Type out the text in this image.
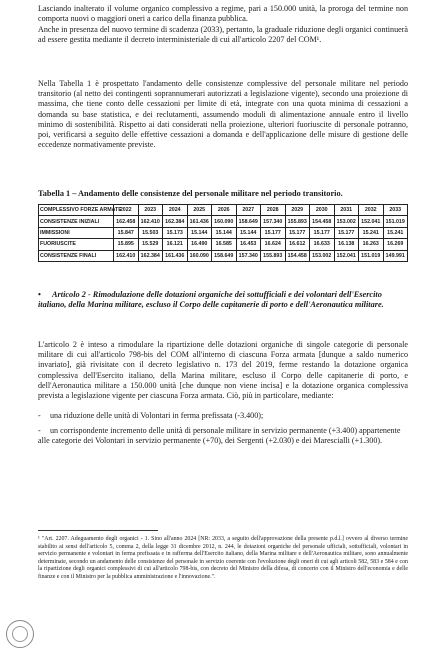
Lasciando inalterato il volume organico complessivo a regime, pari a 150.000 unità, la proroga del termine non comporta nuovi o maggiori oneri a carico della finanza pubblica.

Anche in presenza del nuovo termine di scadenza (2033), pertanto, la graduale riduzione degli organici continuerà ad essere gestita mediante il decreto interministeriale di cui all'articolo 2207 del COM¹.

Nella Tabella 1 è prospettato l'andamento delle consistenze complessive del personale militare nel periodo transitorio (al netto dei contingenti soprannumerari autorizzati a legislazione vigente), secondo una proiezione di massima, che tiene conto delle cessazioni per limite di età, integrate con una quota minima di cessazioni a domanda su base statistica, e dei reclutamenti, assumendo moduli di alimentazione annuale entro il livello minimo di sostenibilità. Rispetto ai dati considerati nella proiezione, ulteriori fuoriuscite di personale potranno, poi, verificarsi a seguito delle effettive cessazioni a domanda e dell'applicazione delle misure di gestione delle eccedenze normativamente previste.

Tabella 1 – Andamento delle consistenze del personale militare nel periodo transitorio.

COMPLESSIVO FORZE ARMATE	2022	2023	2024	2025	2026	2027	2028	2029	2030	2031	2032	2033
CONSISTENZE INIZIALI	162.458	162.410	162.384	161.436	160.090	158.649	157.340	155.893	154.458	153.002	152.041	151.019
IMMISSIONI	15.847	15.503	15.173	15.144	15.144	15.144	15.177	15.177	15.177	15.177	15.241	15.241
FUORIUSCITE	15.895	15.529	16.121	16.490	16.585	16.453	16.624	16.612	16.633	16.138	16.263	16.269
CONSISTENZE FINALI	162.410	162.384	161.436	160.090	158.649	157.340	155.893	154.458	153.002	152.041	151.019	149.991

• Articolo 2 - Rimodulazione delle dotazioni organiche dei sottufficiali e dei volontari dell'Esercito italiano, della Marina militare, escluso il Corpo delle capitanerie di porto e dell'Aeronautica militare.

L'articolo 2 è inteso a rimodulare la ripartizione delle dotazioni organiche di singole categorie di personale militare di cui all'articolo 798-bis del COM all'interno di ciascuna Forza armata [dunque a saldo numerico invariato], già rivisitate con il decreto legislativo n. 173 del 2019, ferme restando la dotazione organica complessiva dell'Esercito italiano, della Marina militare, escluso il Corpo delle capitanerie di porto, e dell'Aeronautica militare a 150.000 unità [che dunque non viene incisa] e la dotazione organica complessiva prevista a legislazione vigente per ciascuna Forza armata. Ciò, più in particolare, mediante:

- una riduzione delle unità di Volontari in ferma prefissata (-3.400);

- un corrispondente incremento delle unità di personale militare in servizio permanente (+3.400) appartenente alle categorie dei Volontari in servizio permanente (+70), dei Sergenti (+2.030) e dei Marescialli (+1.300).

¹ "Art. 2207. Adeguamento degli organici - 1. Sino all'anno 2024 [NR: 2033, a seguito dell'approvazione della presente p.d.l.] ovvero al diverso termine stabilito ai sensi dell'articolo 5, comma 2, della legge 31 dicembre 2012, n. 244, le dotazioni organiche del personale ufficiali, sottufficiali, volontari in servizio permanente e volontari in ferma prefissata e in rafferma dell'Esercito italiano, della Marina militare e dell'Aeronautica militare, sono annualmente determinate, secondo un andamento delle consistenze del personale in servizio coerente con l'evoluzione degli oneri di cui agli articoli 582, 583 e 584 e con la ripartizione degli organici complessivi di cui all'articolo 798-bis, con decreto del Ministro della difesa, di concerto con il Ministro dell'economia e delle finanze e con il Ministro per la pubblica amministrazione e l'innovazione.".
